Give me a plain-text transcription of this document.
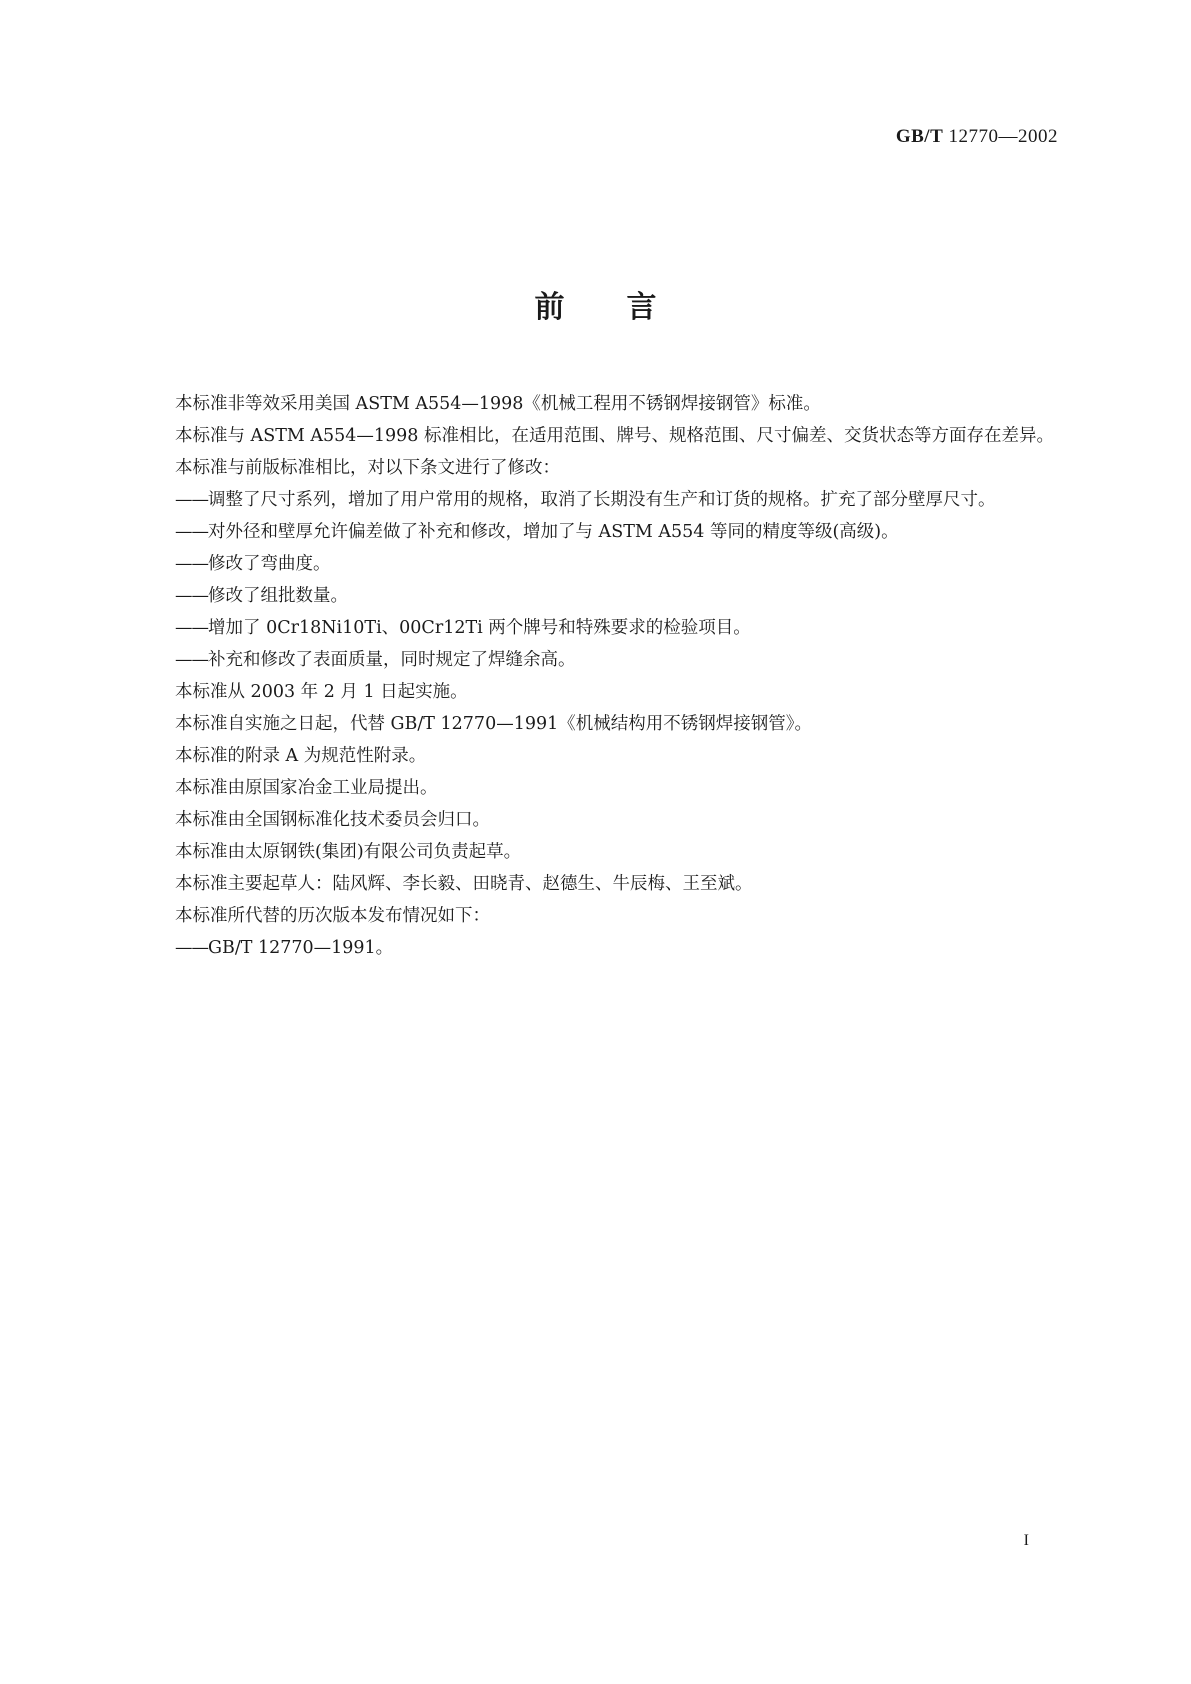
GB/T 12770—2002
前言

本标准非等效采用美国 ASTM A554—1998《机械工程用不锈钢焊接钢管》标准。

本标准与 ASTM A554—1998 标准相比，在适用范围、牌号、规格范围、尺寸偏差、交货状态等方面存在差异。

本标准与前版标准相比，对以下条文进行了修改：

——调整了尺寸系列，增加了用户常用的规格，取消了长期没有生产和订货的规格。扩充了部分壁厚尺寸。

——对外径和壁厚允许偏差做了补充和修改，增加了与 ASTM A554 等同的精度等级(高级)。

——修改了弯曲度。

——修改了组批数量。

——增加了 0Cr18Ni10Ti、00Cr12Ti 两个牌号和特殊要求的检验项目。

——补充和修改了表面质量，同时规定了焊缝余高。

本标准从 2003 年 2 月 1 日起实施。

本标准自实施之日起，代替 GB/T 12770—1991《机械结构用不锈钢焊接钢管》。

本标准的附录 A 为规范性附录。

本标准由原国家冶金工业局提出。

本标准由全国钢标准化技术委员会归口。

本标准由太原钢铁(集团)有限公司负责起草。

本标准主要起草人：陆风辉、李长毅、田晓青、赵德生、牛辰梅、王至斌。

本标准所代替的历次版本发布情况如下：

——GB/T 12770—1991。

I
